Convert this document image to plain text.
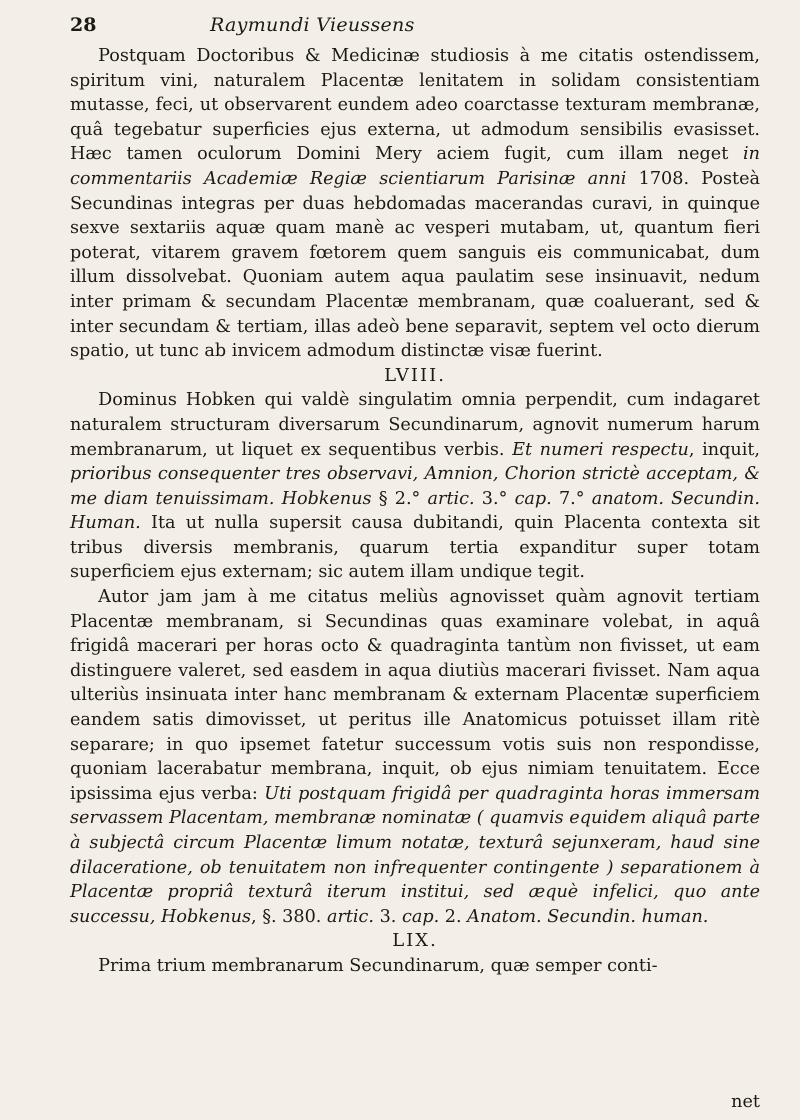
28	Raymundi Vieussens

Postquam Doctoribus & Medicinæ studiosis à me citatis ostendissem, spiritum vini, naturalem Placentæ lenitatem in solidam consistentiam mutasse, feci, ut observarent eundem adeo coarctasse texturam membranæ, quâ tegebatur superficies ejus externa, ut admodum sensibilis evasisset. Hæc tamen oculorum Domini Mery aciem fugit, cum illam neget in commentariis Academiæ Regiæ scientiarum Parisinæ anni 1708. Posteà Secundinas integras per duas hebdomadas macerandas curavi, in quinque sexve sextariis aquæ quam manè ac vesperi mutabam, ut, quantum fieri poterat, vitarem gravem fœtorem quem sanguis eis communicabat, dum illum dissolvebat. Quoniam autem aqua paulatim sese insinuavit, nedum inter primam & secundam Placentæ membranam, quæ coaluerant, sed & inter secundam & tertiam, illas adeò bene separavit, septem vel octo dierum spatio, ut tunc ab invicem admodum distinctæ visæ fuerint.

LVIII.

Dominus Hobken qui valdè singulatim omnia perpendit, cum indagaret naturalem structuram diversarum Secundinarum, agnovit numerum harum membranarum, ut liquet ex sequentibus verbis. Et numeri respectu, inquit, prioribus consequenter tres observavi, Amnion, Chorion strictè acceptam, & me diam tenuissimam. Hobkenus § 2.° artic. 3.° cap. 7.° anatom. Secundin. Human. Ita ut nulla supersit causa dubitandi, quin Placenta contexta sit tribus diversis membranis, quarum tertia expanditur super totam superficiem ejus externam; sic autem illam undique tegit.

Autor jam jam à me citatus meliùs agnovisset quàm agnovit tertiam Placentæ membranam, si Secundinas quas examinare volebat, in aquâ frigidâ macerari per horas octo & quadraginta tantùm non fivisset, ut eam distinguere valeret, sed easdem in aqua diutiùs macerari fivisset. Nam aqua ulteriùs insinuata inter hanc membranam & externam Placentæ superficiem eandem satis dimovisset, ut peritus ille Anatomicus potuisset illam ritè separare; in quo ipsemet fatetur successum votis suis non respondisse, quoniam lacerabatur membrana, inquit, ob ejus nimiam tenuitatem. Ecce ipsissima ejus verba: Uti postquam frigidâ per quadraginta horas immersam servassem Placentam, membranæ nominatæ ( quamvis equidem aliquâ parte à subjectâ circum Placentæ limum notatæ, texturâ sejunxeram, haud sine dilaceratione, ob tenuitatem non infrequenter contingente ) separationem à Placentæ propriâ texturâ iterum institui, sed æquè infelici, quo ante successu, Hobkenus, §. 380. artic. 3. cap. 2. Anatom. Secundin. human.

LIX.

Prima trium membranarum Secundinarum, quæ semper conti-

net
